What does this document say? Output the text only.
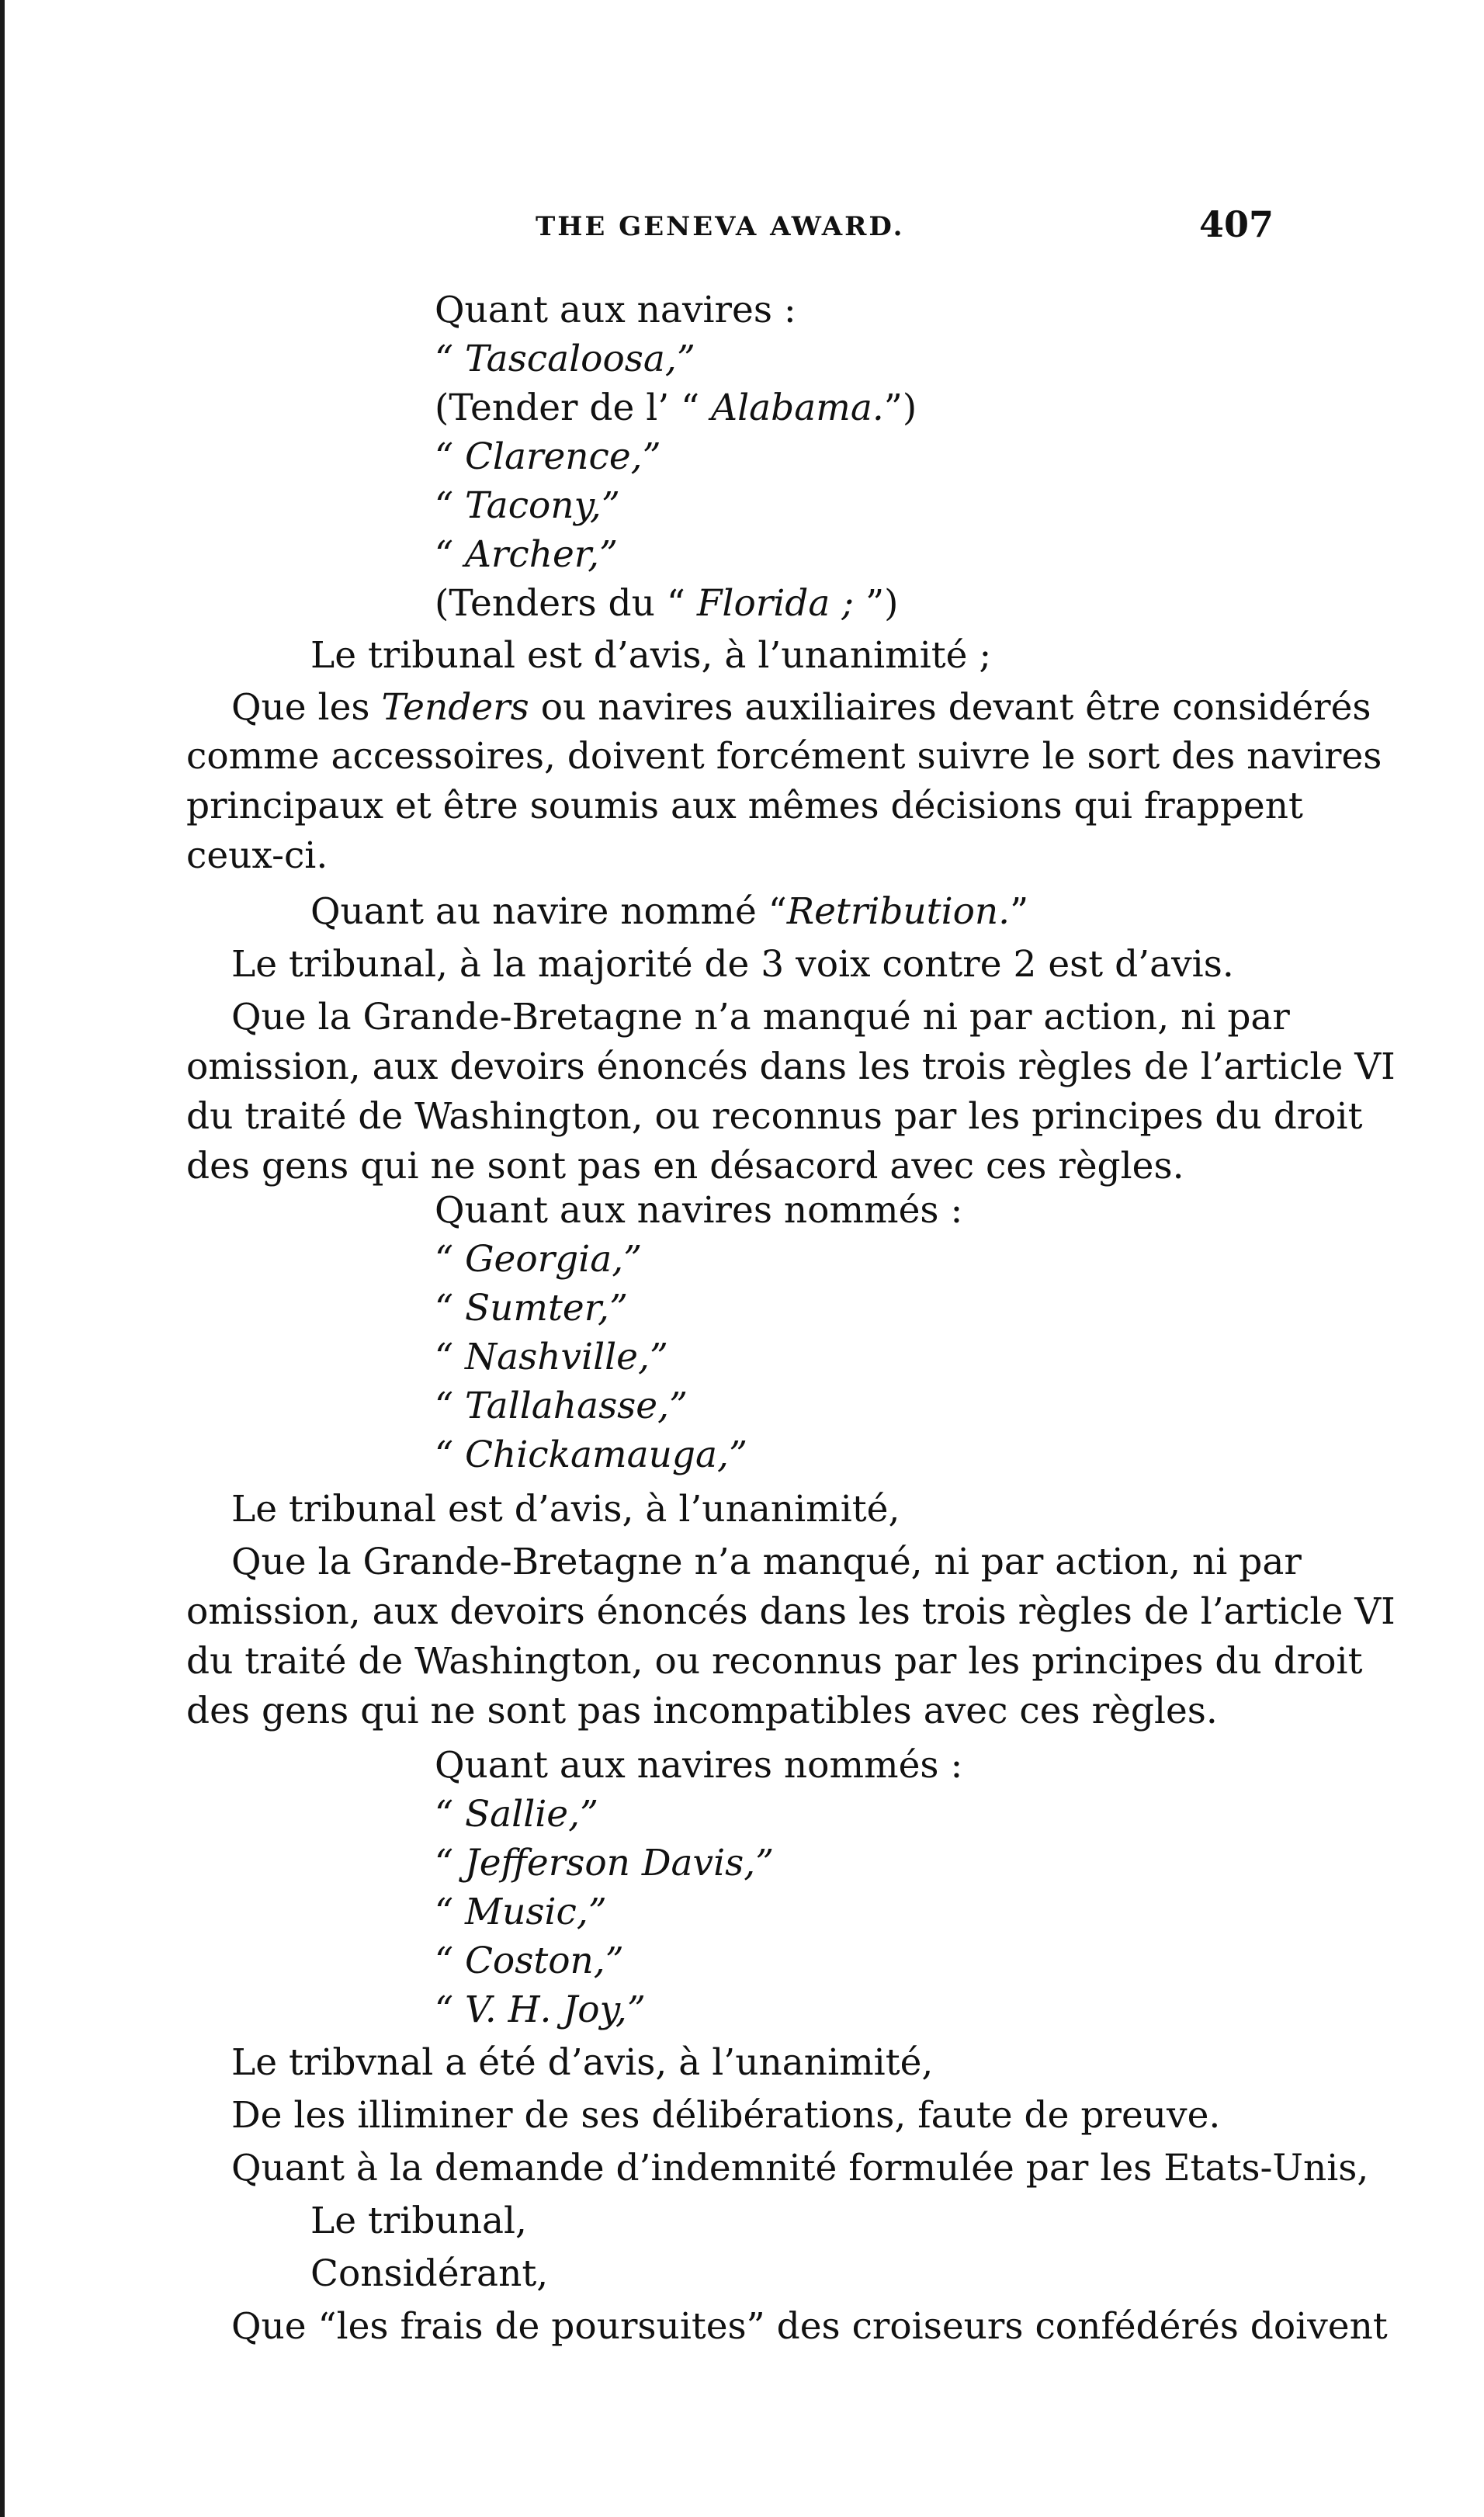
THE GENEVA AWARD.	407
Quant aux navires :
“ Tascaloosa,”
(Tender de l’ “ Alabama.”)
“ Clarence,”
“ Tacony,”
“ Archer,”
(Tenders du “ Florida ; ”)
Le tribunal est d’avis, à l’unanimité ;
Que les Tenders ou navires auxiliaires devant être considérés
comme accessoires, doivent forcément suivre le sort des navires
principaux et être soumis aux mêmes décisions qui frappent
ceux-ci.
Quant au navire nommé “Retribution.”
Le tribunal, à la majorité de 3 voix contre 2 est d’avis.
Que la Grande-Bretagne n’a manqué ni par action, ni par
omission, aux devoirs énoncés dans les trois règles de l’article VI
du traité de Washington, ou reconnus par les principes du droit
des gens qui ne sont pas en désacord avec ces règles.
Quant aux navires nommés :
“ Georgia,”
“ Sumter,”
“ Nashville,”
“ Tallahasse,”
“ Chickamauga,”
Le tribunal est d’avis, à l’unanimité,
Que la Grande-Bretagne n’a manqué, ni par action, ni par
omission, aux devoirs énoncés dans les trois règles de l’article VI
du traité de Washington, ou reconnus par les principes du droit
des gens qui ne sont pas incompatibles avec ces règles.
Quant aux navires nommés :
“ Sallie,”
“ Jefferson Davis,”
“ Music,”
“ Coston,”
“ V. H. Joy,”
Le tribvnal a été d’avis, à l’unanimité,
De les illiminer de ses délibérations, faute de preuve.
Quant à la demande d’indemnité formulée par les Etats-Unis,
Le tribunal,
Considérant,
Que “les frais de poursuites” des croiseurs confédérés doivent
